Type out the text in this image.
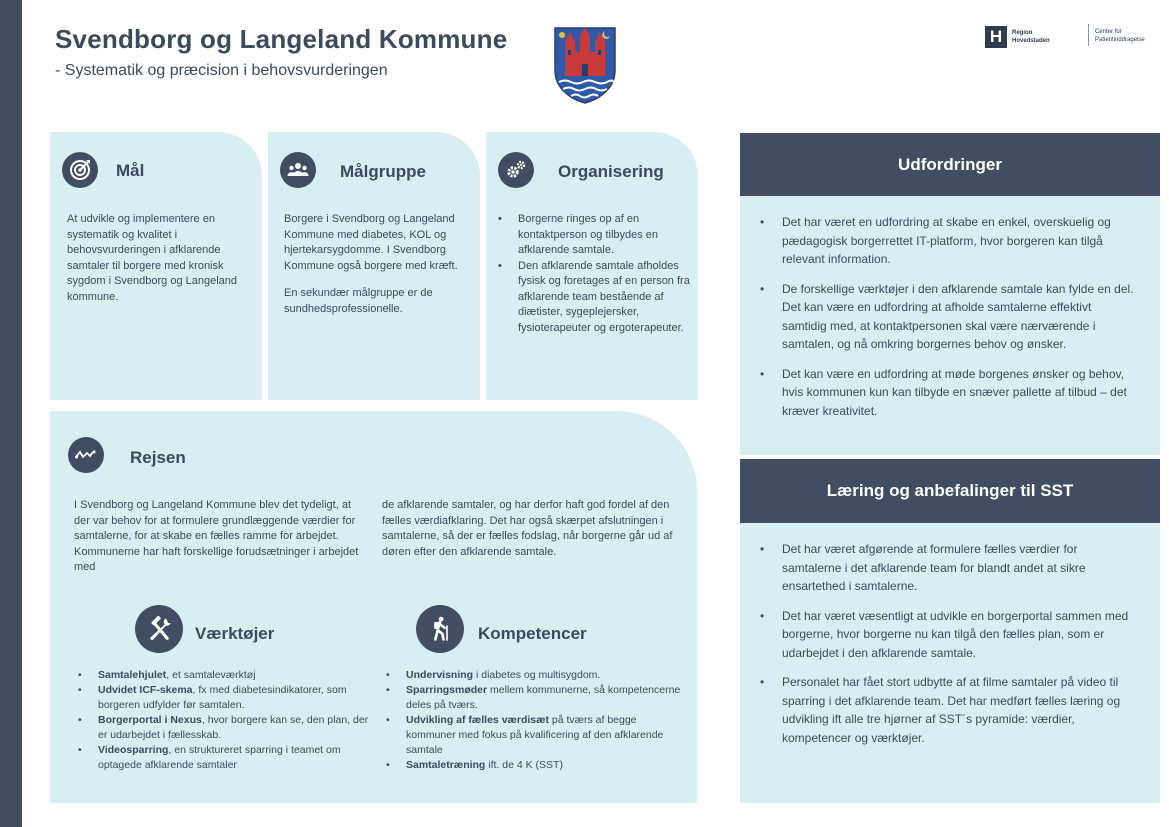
Svendborg og Langeland Kommune
- Systematik og præcision i behovsvurderingen
H	Region
Hovedstaden
Center for
Patientinddragelse
Mål
At udvikle og implementere en systematik og kvalitet i behovsvurderingen i afklarende samtaler til borgere med kronisk sygdom i Svendborg og Langeland kommune.
Målgruppe

Borgere i Svendborg og Langeland Kommune med diabetes, KOL og hjertekarsygdomme. I Svendborg Kommune også borgere med kræft.

En sekundær målgruppe er de sundhedsprofessionelle.

Organisering
• Borgerne ringes op af en kontaktperson og tilbydes en afklarende samtale.
• Den afklarende samtale afholdes fysisk og foretages af en person fra afklarende team bestående af diætister, sygeplejersker, fysioterapeuter og ergoterapeuter.
Rejsen
I Svendborg og Langeland Kommune blev det tydeligt, at der var behov for at formulere grundlæggende værdier for samtalerne, for at skabe en fælles ramme for arbejdet. Kommunerne har haft forskellige forudsætninger i arbejdet med
de afklarende samtaler, og har derfor haft god fordel af den fælles værdiafklaring. Det har også skærpet afslutningen i samtalerne, så der er fælles fodslag, når borgerne går ud af døren efter den afklarende samtale.
Værktøjer
• Samtalehjulet, et samtaleværktøj
• Udvidet ICF-skema, fx med diabetesindikatorer, som borgeren udfylder før samtalen.
• Borgerportal i Nexus, hvor borgere kan se, den plan, der er udarbejdet i fællesskab.
• Videosparring, en struktureret sparring i teamet om optagede afklarende samtaler
Kompetencer
• Undervisning i diabetes og multisygdom.
• Sparringsmøder mellem kommunerne, så kompetencerne deles på tværs.
• Udvikling af fælles værdisæt på tværs af begge kommuner med fokus på kvalificering af den afklarende samtale
• Samtaletræning ift. de 4 K (SST)
Udfordringer
• Det har været en udfordring at skabe en enkel, overskuelig og pædagogisk borgerrettet IT-platform, hvor borgeren kan tilgå relevant information.
• De forskellige værktøjer i den afklarende samtale kan fylde en del. Det kan være en udfordring at afholde samtalerne effektivt samtidig med, at kontaktpersonen skal være nærværende i samtalen, og nå omkring borgernes behov og ønsker.
• Det kan være en udfordring at møde borgenes ønsker og behov, hvis kommunen kun kan tilbyde en snæver pallette af tilbud – det kræver kreativitet.
Læring og anbefalinger til SST
• Det har været afgørende at formulere fælles værdier for samtalerne i det afklarende team for blandt andet at sikre ensartethed i samtalerne.
• Det har været væsentligt at udvikle en borgerportal sammen med borgerne, hvor borgerne nu kan tilgå den fælles plan, som er udarbejdet i den afklarende samtale.
• Personalet har fået stort udbytte af at filme samtaler på video til sparring i det afklarende team. Det har medført fælles læring og udvikling ift alle tre hjørner af SST´s pyramide: værdier, kompetencer og værktøjer.
